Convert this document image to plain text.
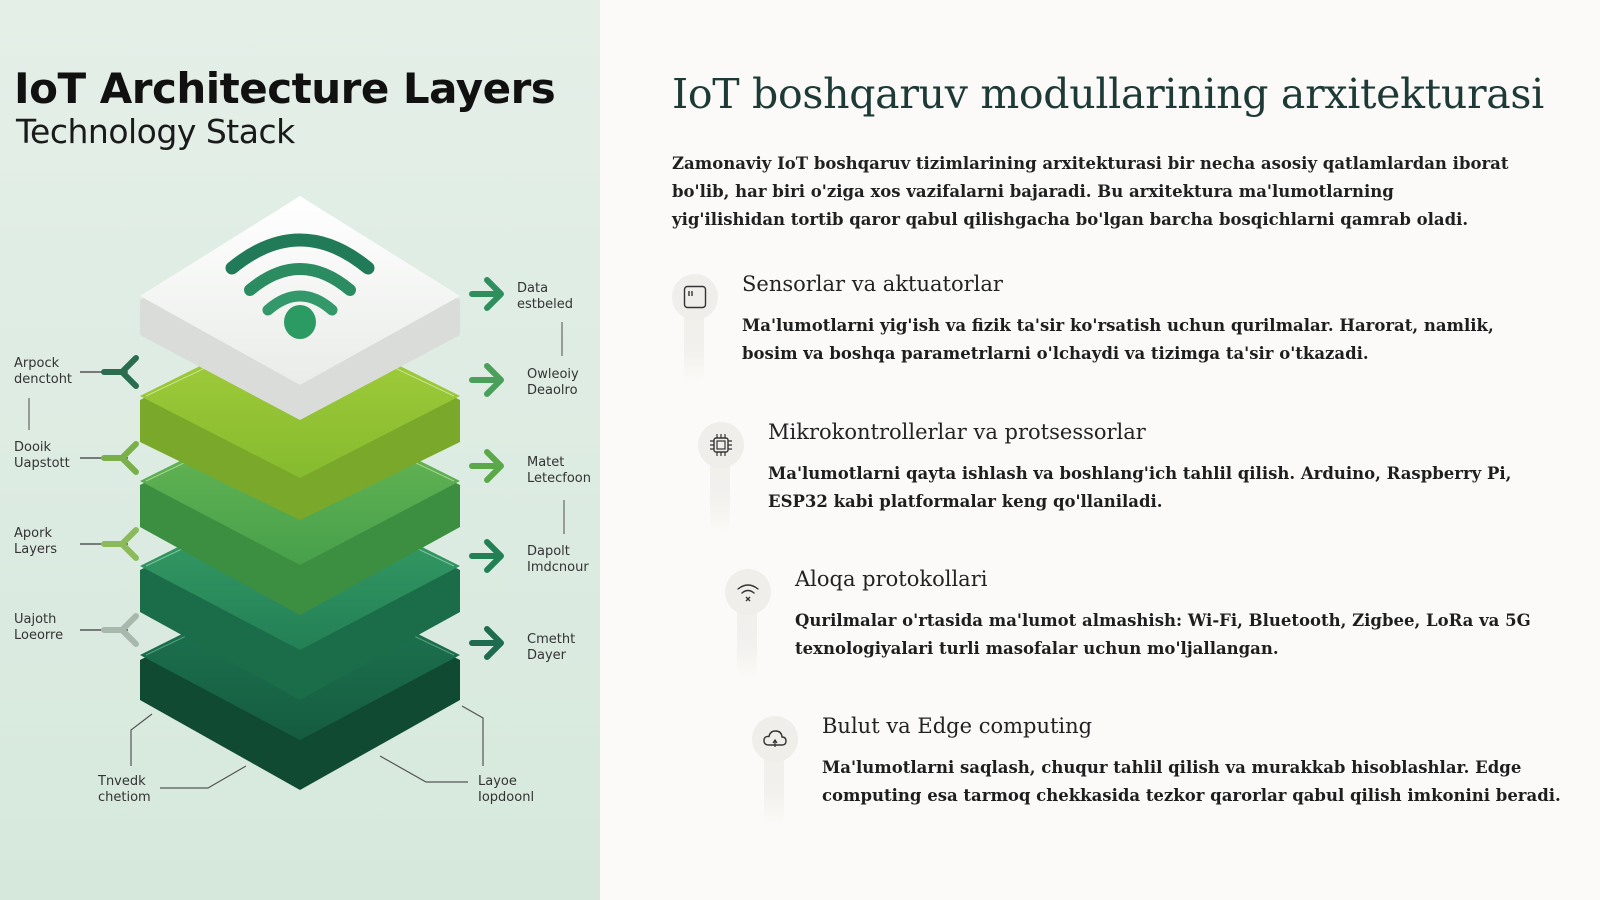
IoT Architecture Layers
Technology Stack
Arpock
denctoht
Dooik
Uapstott
Apork
Layers
Uajoth
Loeorre
Data
estbeled
Owleoiy
Deaolro
Matet
Letecfoon
Dapolt
Imdcnour
Cmetht
Dayer
Tnvedk
chetiom
Layoe
Iopdoonl
IoT boshqaruv modullarining arxitekturasi
Zamonaviy IoT boshqaruv tizimlarining arxitekturasi bir necha asosiy qatlamlardan iborat bo'lib, har biri o'ziga xos vazifalarni bajaradi. Bu arxitektura ma'lumotlarning yig'ilishidan tortib qaror qabul qilishgacha bo'lgan barcha bosqichlarni qamrab oladi.
Sensorlar va aktuatorlar
Ma'lumotlarni yig'ish va fizik ta'sir ko'rsatish uchun qurilmalar. Harorat, namlik, bosim va boshqa parametrlarni o'lchaydi va tizimga ta'sir o'tkazadi.
Mikrokontrollerlar va protsessorlar
Ma'lumotlarni qayta ishlash va boshlang'ich tahlil qilish. Arduino, Raspberry Pi, ESP32 kabi platformalar keng qo'llaniladi.
Aloqa protokollari
Qurilmalar o'rtasida ma'lumot almashish: Wi-Fi, Bluetooth, Zigbee, LoRa va 5G texnologiyalari turli masofalar uchun mo'ljallangan.
Bulut va Edge computing
Ma'lumotlarni saqlash, chuqur tahlil qilish va murakkab hisoblashlar. Edge computing esa tarmoq chekkasida tezkor qarorlar qabul qilish imkonini beradi.
